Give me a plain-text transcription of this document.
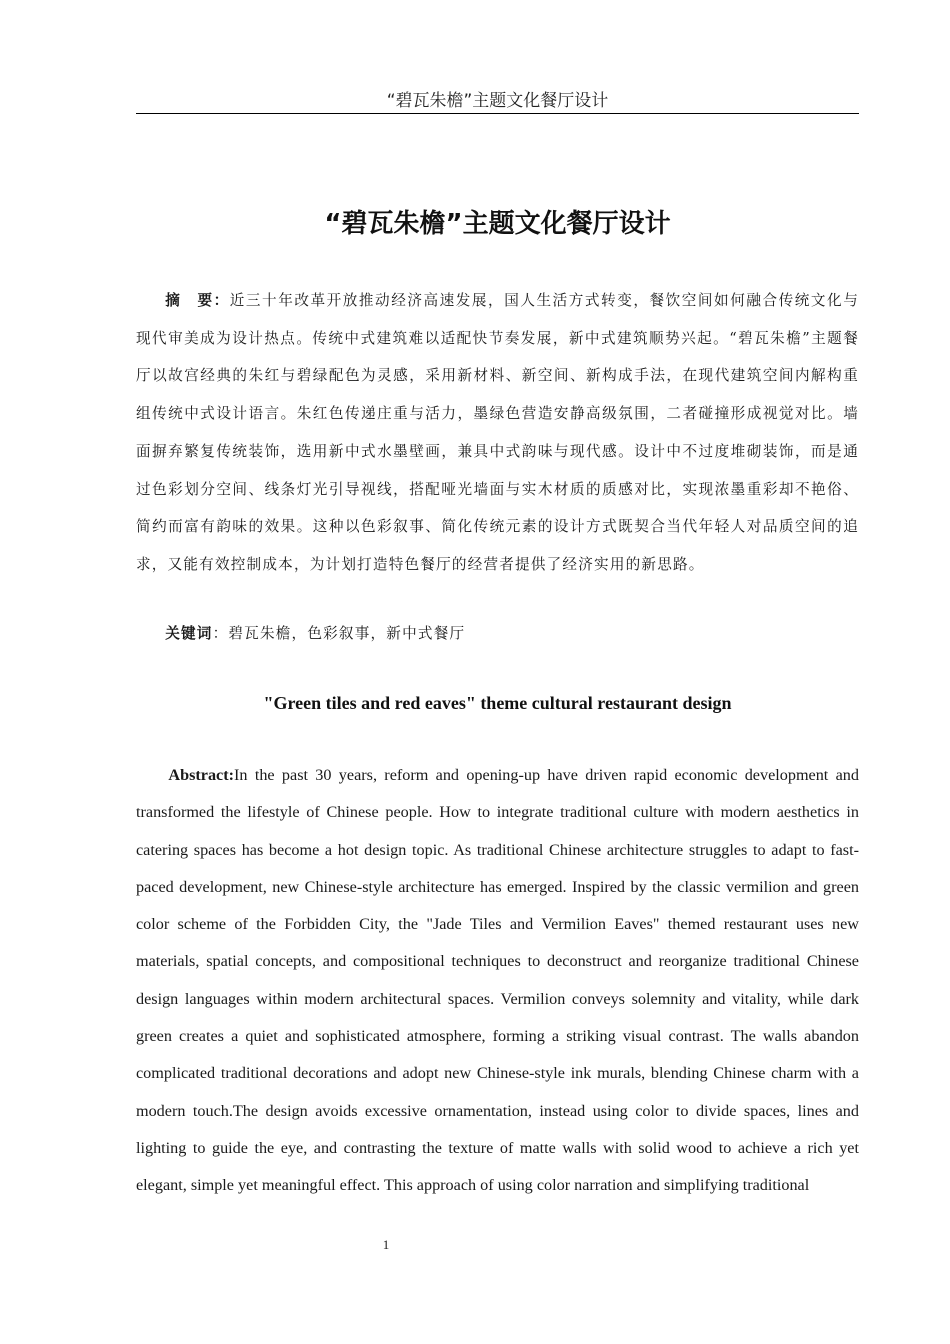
“碧瓦朱檐”主题文化餐厅设计
“碧瓦朱檐”主题文化餐厅设计

摘　要：近三十年改革开放推动经济高速发展，国人生活方式转变，餐饮空间如何融合传统文化与现代审美成为设计热点。传统中式建筑难以适配快节奏发展，新中式建筑顺势兴起。“碧瓦朱檐”主题餐厅以故宫经典的朱红与碧绿配色为灵感，采用新材料、新空间、新构成手法，在现代建筑空间内解构重组传统中式设计语言。朱红色传递庄重与活力，墨绿色营造安静高级氛围，二者碰撞形成视觉对比。墙面摒弃繁复传统装饰，选用新中式水墨壁画，兼具中式韵味与现代感。设计中不过度堆砌装饰，而是通过色彩划分空间、线条灯光引导视线，搭配哑光墙面与实木材质的质感对比，实现浓墨重彩却不艳俗、简约而富有韵味的效果。这种以色彩叙事、简化传统元素的设计方式既契合当代年轻人对品质空间的追求，又能有效控制成本，为计划打造特色餐厅的经营者提供了经济实用的新思路。

关键词：碧瓦朱檐，色彩叙事，新中式餐厅

"Green tiles and red eaves" theme cultural restaurant design

Abstract:In the past 30 years, reform and opening-up have driven rapid economic development and transformed the lifestyle of Chinese people. How to integrate traditional culture with modern aesthetics in catering spaces has become a hot design topic. As traditional Chinese architecture struggles to adapt to fast-paced development, new Chinese-style architecture has emerged. Inspired by the classic vermilion and green color scheme of the Forbidden City, the "Jade Tiles and Vermilion Eaves" themed restaurant uses new materials, spatial concepts, and compositional techniques to deconstruct and reorganize traditional Chinese design languages within modern architectural spaces. Vermilion conveys solemnity and vitality, while dark green creates a quiet and sophisticated atmosphere, forming a striking visual contrast. The walls abandon complicated traditional decorations and adopt new Chinese-style ink murals, blending Chinese charm with a modern touch.The design avoids excessive ornamentation, instead using color to divide spaces, lines and lighting to guide the eye, and contrasting the texture of matte walls with solid wood to achieve a rich yet elegant, simple yet meaningful effect. This approach of using color narration and simplifying traditional

1
